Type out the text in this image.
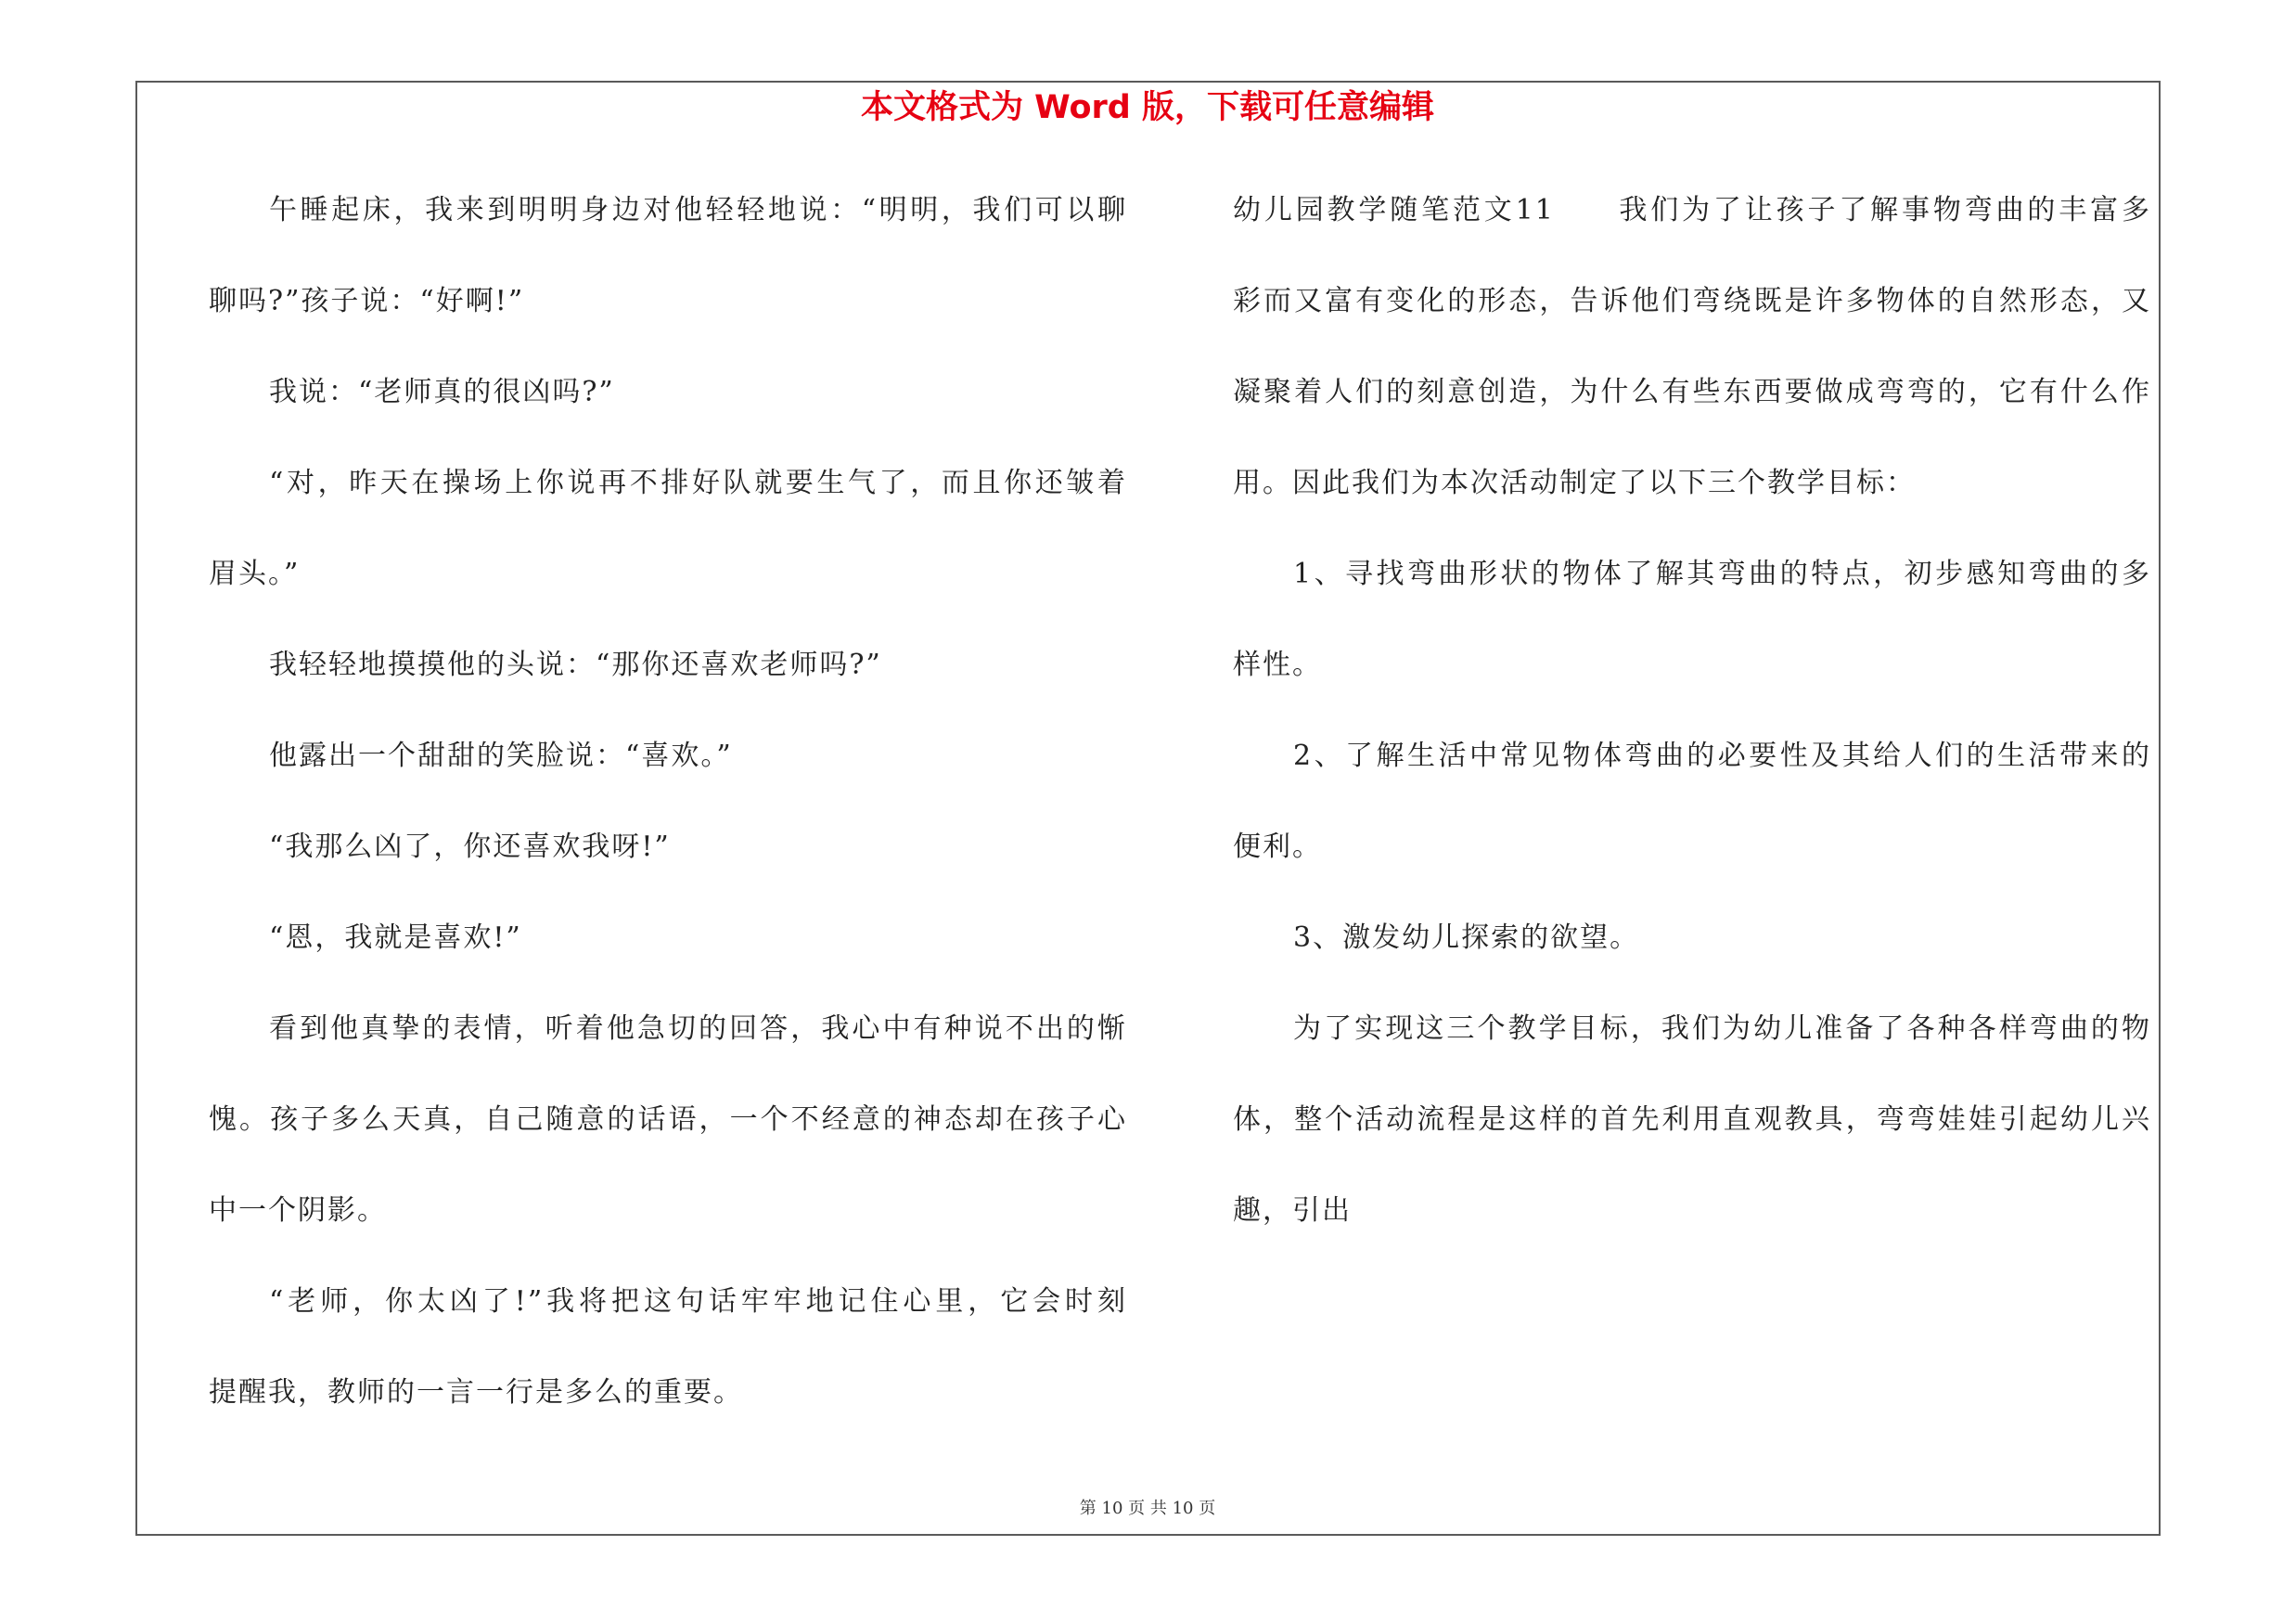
本文格式为 Word 版，下载可任意编辑
午睡起床，我来到明明身边对他轻轻地说：“明明，我们可以聊
聊吗?”孩子说：“好啊!”
我说：“老师真的很凶吗?”
“对，昨天在操场上你说再不排好队就要生气了，而且你还皱着
眉头。”
我轻轻地摸摸他的头说：“那你还喜欢老师吗?”
他露出一个甜甜的笑脸说：“喜欢。”
“我那么凶了，你还喜欢我呀!”
“恩，我就是喜欢!”
看到他真挚的表情，听着他急切的回答，我心中有种说不出的惭
愧。孩子多么天真，自己随意的话语，一个不经意的神态却在孩子心
中一个阴影。
“老师，你太凶了!”我将把这句话牢牢地记住心里，它会时刻
提醒我，教师的一言一行是多么的重要。
幼儿园教学随笔范文11　　我们为了让孩子了解事物弯曲的丰富多
彩而又富有变化的形态，告诉他们弯绕既是许多物体的自然形态，又
凝聚着人们的刻意创造，为什么有些东西要做成弯弯的，它有什么作
用。因此我们为本次活动制定了以下三个教学目标：
1、寻找弯曲形状的物体了解其弯曲的特点，初步感知弯曲的多
样性。
2、了解生活中常见物体弯曲的必要性及其给人们的生活带来的
便利。
3、激发幼儿探索的欲望。
为了实现这三个教学目标，我们为幼儿准备了各种各样弯曲的物
体，整个活动流程是这样的首先利用直观教具，弯弯娃娃引起幼儿兴
趣，引出
第 10 页 共 10 页
